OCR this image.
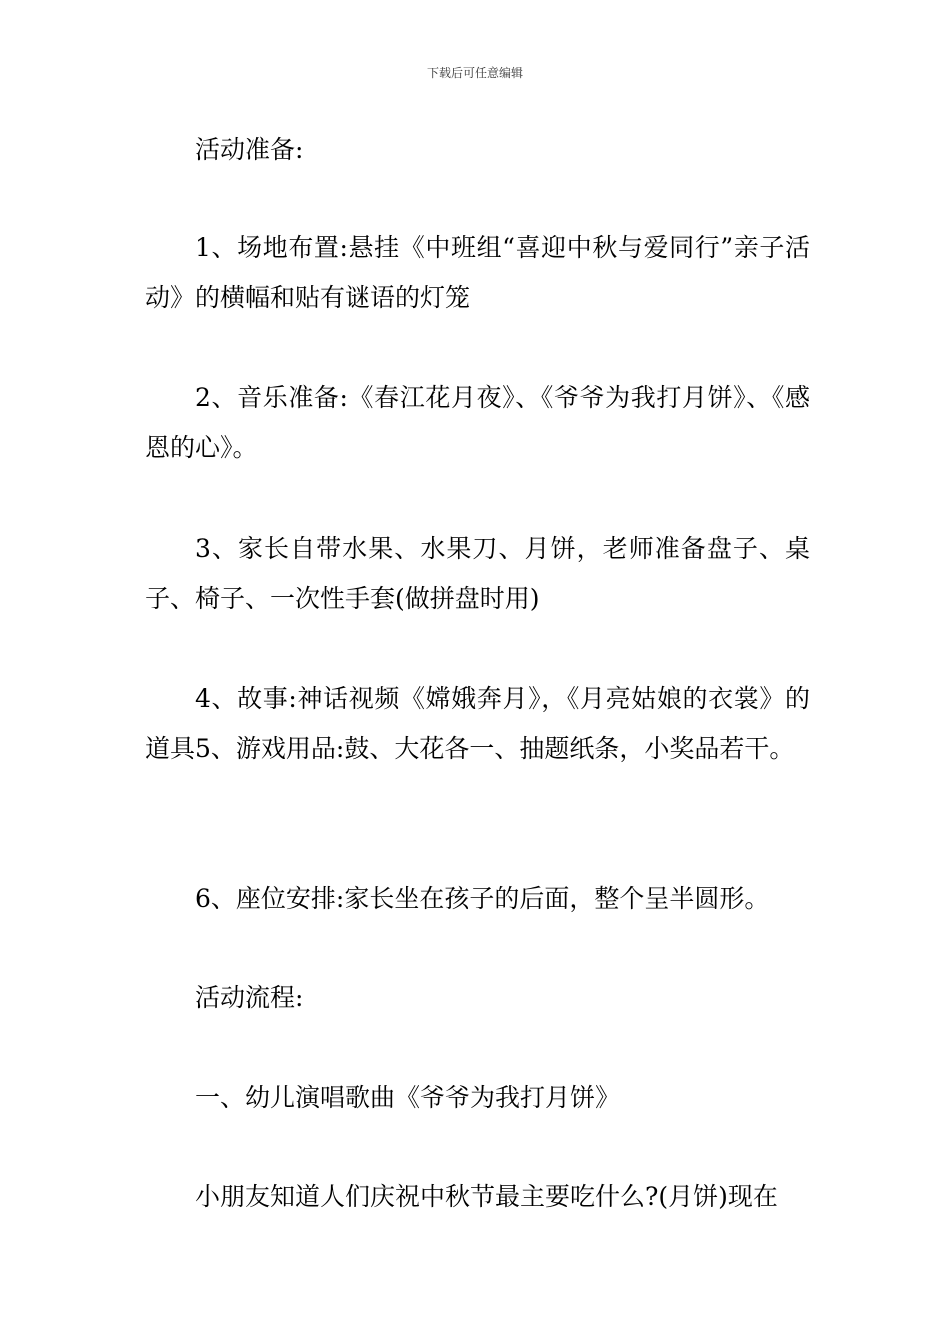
下载后可任意编辑

活动准备:

1、场地布置:悬挂《中班组“喜迎中秋与爱同行”亲子活动》的横幅和贴有谜语的灯笼

2、音乐准备:《春江花月夜》、《爷爷为我打月饼》、《感恩的心》。

3、家长自带水果、水果刀、月饼，老师准备盘子、桌子、椅子、一次性手套(做拼盘时用)

4、故事:神话视频《嫦娥奔月》，《月亮姑娘的衣裳》的道具5、游戏用品:鼓、大花各一、抽题纸条，小奖品若干。

6、座位安排:家长坐在孩子的后面，整个呈半圆形。

活动流程:

一、幼儿演唱歌曲《爷爷为我打月饼》

小朋友知道人们庆祝中秋节最主要吃什么?(月饼)现在
